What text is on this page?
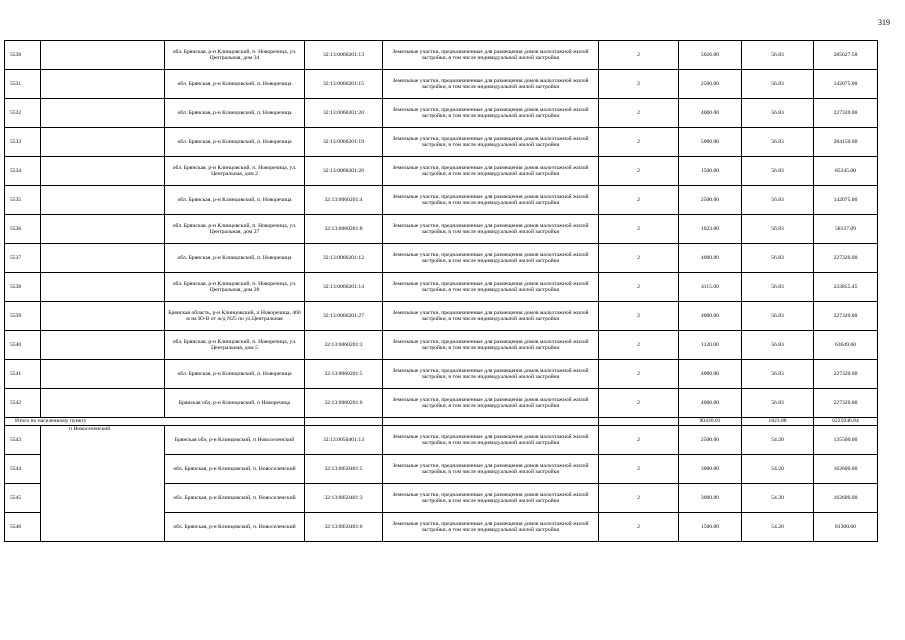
319
5530		обл. Брянская, р-н Клинцовский, п. Новоречица, ул. Центральная, дом 34	32:13:0060201:13	Земельные участки, предназначенные для размещения домов малоэтажной жилой застройки, в том числе индивидуальной жилой застройки	2	5026.00	56.83	285627.58
5531		обл. Брянская, р-н Клинцовский, п. Новоречица	32:13:0060201:15	Земельные участки, предназначенные для размещения домов малоэтажной жилой застройки, в том числе индивидуальной жилой застройки	2	2500.00	56.83	142075.00
5532		обл. Брянская, р-н Клинцовский, п. Новоречица	32:13:0060201:20	Земельные участки, предназначенные для размещения домов малоэтажной жилой застройки, в том числе индивидуальной жилой застройки	2	4000.00	56.83	227320.00
5533		обл. Брянская, р-н Клинцовский, п. Новоречица	32:13:0060201:19	Земельные участки, предназначенные для размещения домов малоэтажной жилой застройки, в том числе индивидуальной жилой застройки	2	5000.00	56.83	284150.00
5534		обл. Брянская, р-н Клинцовский, п. Новоречица, ул. Центральная, дом 2	32:13:0060201:26	Земельные участки, предназначенные для размещения домов малоэтажной жилой застройки, в том числе индивидуальной жилой застройки	2	1500.00	56.83	85245.00
5535		обл. Брянская, р-н Клинцовский, п. Новоречица	32:13:0060201:4	Земельные участки, предназначенные для размещения домов малоэтажной жилой застройки, в том числе индивидуальной жилой застройки	2	2500.00	56.83	142075.00
5536		обл. Брянская, р-н Клинцовский, п. Новоречица, ул. Центральная, дом 27	32:13:0060201:8	Земельные участки, предназначенные для размещения домов малоэтажной жилой застройки, в том числе индивидуальной жилой застройки	2	1023.00	56.83	58137.09
5537		обл. Брянская, р-н Клинцовский, п. Новоречица	32:13:0060201:12	Земельные участки, предназначенные для размещения домов малоэтажной жилой застройки, в том числе индивидуальной жилой застройки	2	4000.00	56.83	227320.00
5538		обл. Брянская, р-н Клинцовский, п. Новоречица, ул. Центральная, дом 28	32:13:0060201:14	Земельные участки, предназначенные для размещения домов малоэтажной жилой застройки, в том числе индивидуальной жилой застройки	2	4115.00	56.83	233855.45
5539		Брянская область, р-н Клинцовский, п Новоречица, 460 м на Ю-В от ж/д N25 по ул.Центральная	32:13:0060201:27	Земельные участки, предназначенные для размещения домов малоэтажной жилой застройки, в том числе индивидуальной жилой застройки	2	4000.00	56.83	227320.00
5540		обл. Брянская, р-н Клинцовский, п. Новоречица, ул. Центральная, дом 5	32:13:0060201:3	Земельные участки, предназначенные для размещения домов малоэтажной жилой застройки, в том числе индивидуальной жилой застройки	2	1120.00	56.83	63649.60
5541		обл. Брянская, р-н Клинцовский, п. Новоречица	32:13:0060201:5	Земельные участки, предназначенные для размещения домов малоэтажной жилой застройки, в том числе индивидуальной жилой застройки	2	4000.00	56.83	227320.00
5542		Брянская обл, р-н Клинцовский, п Новоречица	32:13:0060201:6	Земельные участки, предназначенные для размещения домов малоэтажной жилой застройки, в том числе индивидуальной жилой застройки	2	4000.00	56.83	227320.00
Итого по населенному пункту						90430.01	1823.88	6225946.84
5543	п Новоселенский	Брянская обл, р-н Клинцовский, п Новоселенский	32:13:0050401:13	Земельные участки, предназначенные для размещения домов малоэтажной жилой застройки, в том числе индивидуальной жилой застройки	2	2500.00	54.20	135500.00
5544		обл. Брянская, р-н Клинцовский, п. Новоселенский	32:13:0050401:5	Земельные участки, предназначенные для размещения домов малоэтажной жилой застройки, в том числе индивидуальной жилой застройки	2	3000.00	54.20	162600.00
5545		обл. Брянская, р-н Клинцовский, п. Новоселенский	32:13:0050401:3	Земельные участки, предназначенные для размещения домов малоэтажной жилой застройки, в том числе индивидуальной жилой застройки	2	3000.00	54.20	162600.00
5546		обл. Брянская, р-н Клинцовский, п. Новоселенский	32:13:0050401:6	Земельные участки, предназначенные для размещения домов малоэтажной жилой застройки, в том числе индивидуальной жилой застройки	2	1500.00	54.20	81300.00
